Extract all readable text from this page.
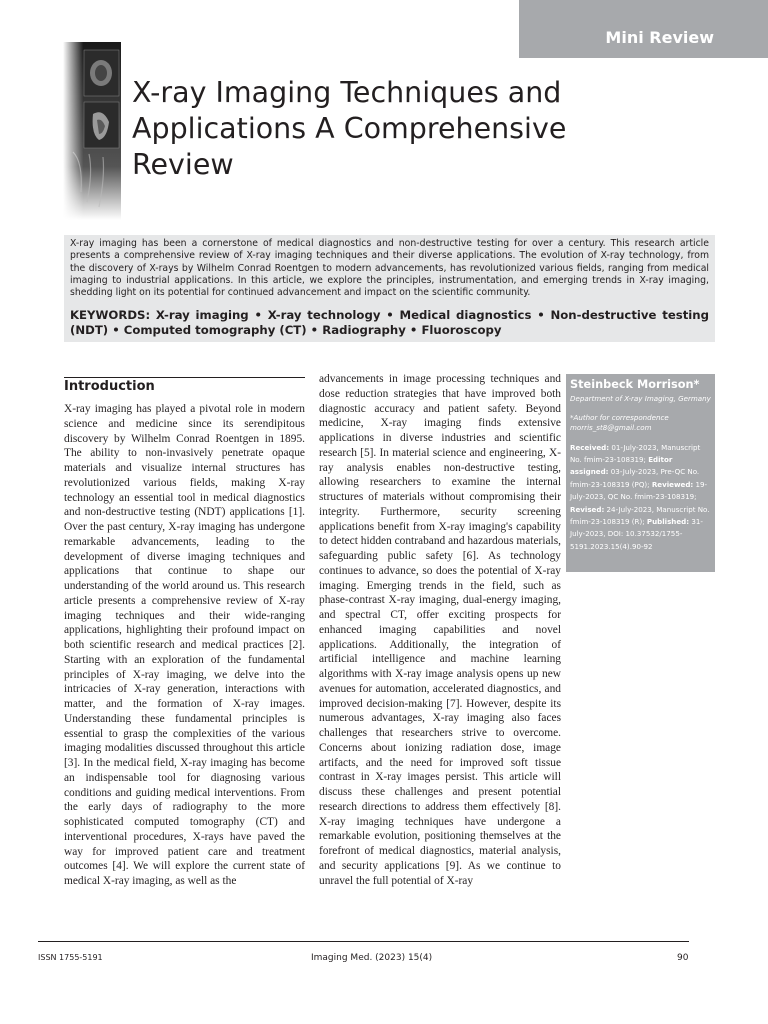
Mini Review
X-ray Imaging Techniques and Applications A Comprehensive Review

X-ray imaging has been a cornerstone of medical diagnostics and non-destructive testing for over a century. This research article presents a comprehensive review of X-ray imaging techniques and their diverse applications. The evolution of X-ray technology, from the discovery of X-rays by Wilhelm Conrad Roentgen to modern advancements, has revolutionized various fields, ranging from medical imaging to industrial applications. In this article, we explore the principles, instrumentation, and emerging trends in X-ray imaging, shedding light on its potential for continued advancement and impact on the scientific community.

KEYWORDS: X-ray imaging • X-ray technology • Medical diagnostics • Non-destructive testing (NDT) • Computed tomography (CT) • Radiography • Fluoroscopy

Introduction
X-ray imaging has played a pivotal role in modern science and medicine since its serendipitous discovery by Wilhelm Conrad Roentgen in 1895. The ability to non-invasively penetrate opaque materials and visualize internal structures has revolutionized various fields, making X-ray technology an essential tool in medical diagnostics and non-destructive testing (NDT) applications [1]. Over the past century, X-ray imaging has undergone remarkable advancements, leading to the development of diverse imaging techniques and applications that continue to shape our understanding of the world around us. This research article presents a comprehensive review of X-ray imaging techniques and their wide-ranging applications, highlighting their profound impact on both scientific research and medical practices [2]. Starting with an exploration of the fundamental principles of X-ray imaging, we delve into the intricacies of X-ray generation, interactions with matter, and the formation of X-ray images. Understanding these fundamental principles is essential to grasp the complexities of the various imaging modalities discussed throughout this article [3]. In the medical field, X-ray imaging has become an indispensable tool for diagnosing various conditions and guiding medical interventions. From the early days of radiography to the more sophisticated computed tomography (CT) and interventional procedures, X-rays have paved the way for improved patient care and treatment outcomes [4]. We will explore the current state of medical X-ray imaging, as well as the
advancements in image processing techniques and dose reduction strategies that have improved both diagnostic accuracy and patient safety. Beyond medicine, X-ray imaging finds extensive applications in diverse industries and scientific research [5]. In material science and engineering, X-ray analysis enables non-destructive testing, allowing researchers to examine the internal structures of materials without compromising their integrity. Furthermore, security screening applications benefit from X-ray imaging's capability to detect hidden contraband and hazardous materials, safeguarding public safety [6]. As technology continues to advance, so does the potential of X-ray imaging. Emerging trends in the field, such as phase-contrast X-ray imaging, dual-energy imaging, and spectral CT, offer exciting prospects for enhanced imaging capabilities and novel applications. Additionally, the integration of artificial intelligence and machine learning algorithms with X-ray image analysis opens up new avenues for automation, accelerated diagnostics, and improved decision-making [7]. However, despite its numerous advantages, X-ray imaging also faces challenges that researchers strive to overcome. Concerns about ionizing radiation dose, image artifacts, and the need for improved soft tissue contrast in X-ray images persist. This article will discuss these challenges and present potential research directions to address them effectively [8]. X-ray imaging techniques have undergone a remarkable evolution, positioning themselves at the forefront of medical diagnostics, material analysis, and security applications [9]. As we continue to unravel the full potential of X-ray
Steinbeck Morrison*
Department of X-ray Imaging, Germany
*Author for correspondence
morris_st8@gmail.com
Received: 01-July-2023, Manuscript No. fmim-23-108319; Editor assigned: 03-July-2023, Pre-QC No. fmim-23-108319 (PQ); Reviewed: 19-July-2023, QC No. fmim-23-108319; Revised: 24-July-2023, Manuscript No. fmim-23-108319 (R); Published: 31-July-2023, DOI: 10.37532/1755-5191.2023.15(4).90-92
ISSN 1755-5191	Imaging Med. (2023) 15(4)	90
